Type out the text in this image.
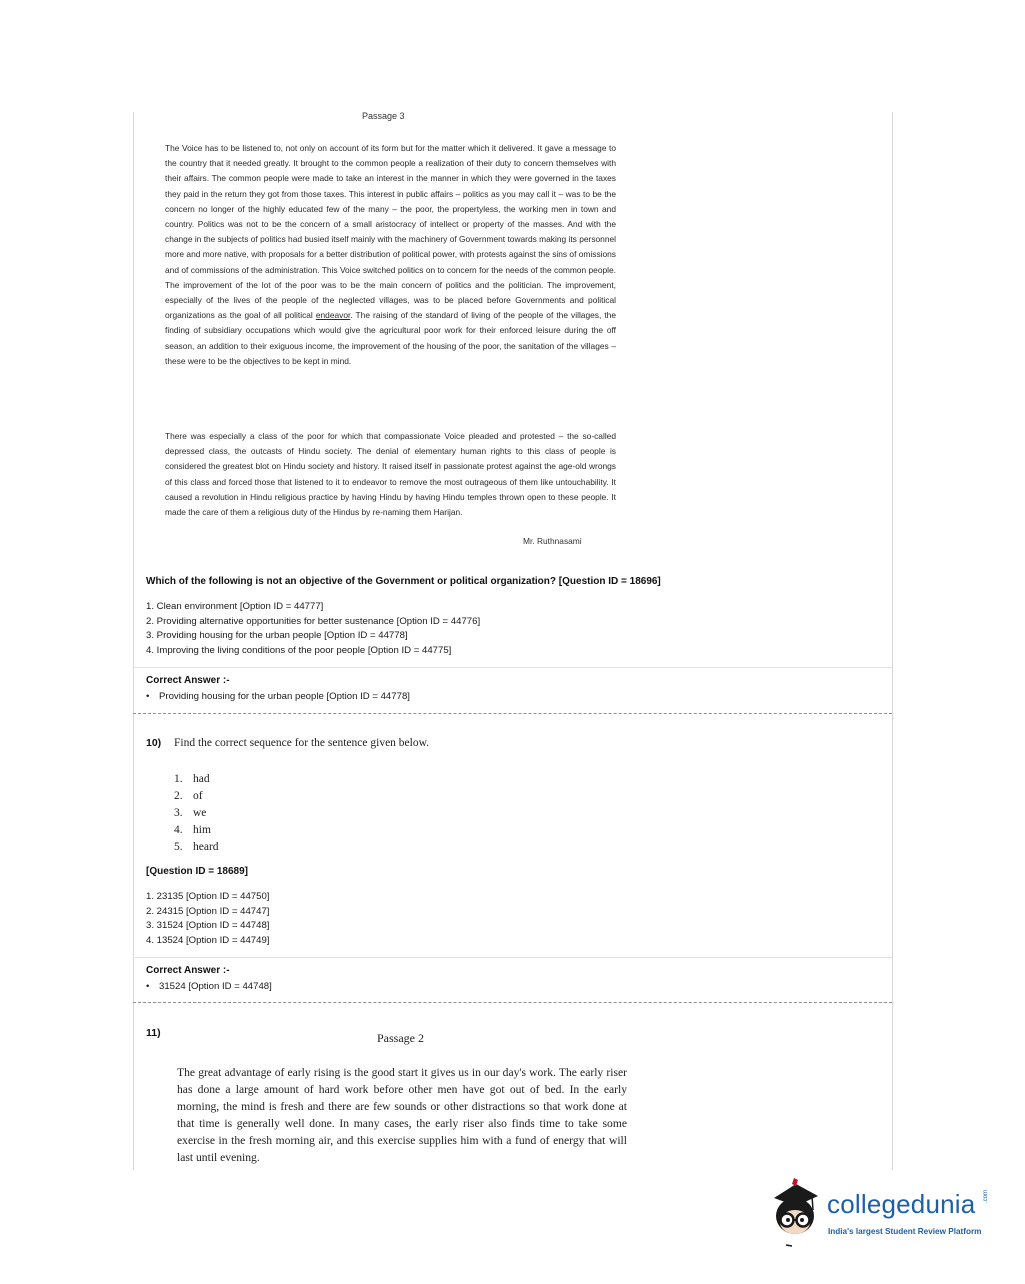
Passage 3

The Voice has to be listened to, not only on account of its form but for the matter which it delivered. It gave a message to the country that it needed greatly. It brought to the common people a realization of their duty to concern themselves with their affairs. The common people were made to take an interest in the manner in which they were governed in the taxes they paid in the return they got from those taxes. This interest in public affairs – politics as you may call it – was to be the concern no longer of the highly educated few of the many – the poor, the propertyless, the working men in town and country. Politics was not to be the concern of a small aristocracy of intellect or property of the masses. And with the change in the subjects of politics had busied itself mainly with the machinery of Government towards making its personnel more and more native, with proposals for a better distribution of political power, with protests against the sins of omissions and of commissions of the administration. This Voice switched politics on to concern for the needs of the common people. The improvement of the lot of the poor was to be the main concern of politics and the politician. The improvement, especially of the lives of the people of the neglected villages, was to be placed before Governments and political organizations as the goal of all political endeavor. The raising of the standard of living of the people of the villages, the finding of subsidiary occupations which would give the agricultural poor work for their enforced leisure during the off season, an addition to their exiguous income, the improvement of the housing of the poor, the sanitation of the villages – these were to be the objectives to be kept in mind.

There was especially a class of the poor for which that compassionate Voice pleaded and protested – the so-called depressed class, the outcasts of Hindu society. The denial of elementary human rights to this class of people is considered the greatest blot on Hindu society and history. It raised itself in passionate protest against the age-old wrongs of this class and forced those that listened to it to endeavor to remove the most outrageous of them like untouchability. It caused a revolution in Hindu religious practice by having Hindu by having Hindu temples thrown open to these people. It made the care of them a religious duty of the Hindus by re-naming them Harijan.

Mr. Ruthnasami
Which of the following is not an objective of the Government or political organization? [Question ID = 18696]
1. Clean environment [Option ID = 44777]
2. Providing alternative opportunities for better sustenance [Option ID = 44776]
3. Providing housing for the urban people [Option ID = 44778]
4. Improving the living conditions of the poor people [Option ID = 44775]
Correct Answer :-
• Providing housing for the urban people [Option ID = 44778]
10) Find the correct sequence for the sentence given below.
1. had
2. of
3. we
4. him
5. heard
[Question ID = 18689]
1. 23135 [Option ID = 44750]
2. 24315 [Option ID = 44747]
3. 31524 [Option ID = 44748]
4. 13524 [Option ID = 44749]
Correct Answer :-
• 31524 [Option ID = 44748]
11)	Passage 2

The great advantage of early rising is the good start it gives us in our day's work. The early riser has done a large amount of hard work before other men have got out of bed. In the early morning, the mind is fresh and there are few sounds or other distractions so that work done at that time is generally well done. In many cases, the early riser also finds time to take some exercise in the fresh morning air, and this exercise supplies him with a fund of energy that will last until evening.

collegedunia .com
India's largest Student Review Platform
